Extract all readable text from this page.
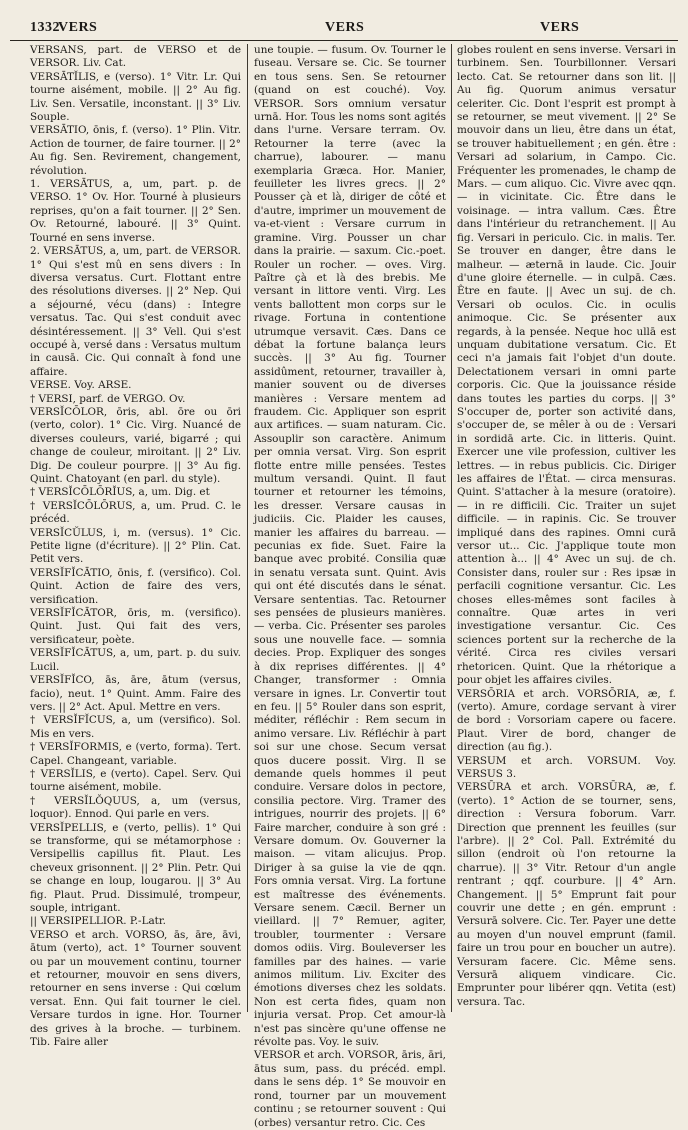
1332
VERS	VERS	VERS

VERSANS, part. de VERSO et de VERSOR. Liv. Cat.

VERSĀTĬLIS, e (verso). 1° Vitr. Lr. Qui tourne aisément, mobile. || 2° Au fig. Liv. Sen. Versatile, inconstant. || 3° Liv. Souple.

VERSĀTIO, ōnis, f. (verso). 1° Plin. Vitr. Action de tourner, de faire tourner. || 2° Au fig. Sen. Revirement, changement, révolution.

1. VERSĀTUS, a, um, part. p. de VERSO. 1° Ov. Hor. Tourné à plusieurs reprises, qu'on a fait tourner. || 2° Sen. Ov. Retourné, labouré. || 3° Quint. Tourné en sens inverse.

2. VERSĀTUS, a, um, part. de VERSOR. 1° Qui s'est mû en sens divers : In diversa versatus. Curt. Flottant entre des résolutions diverses. || 2° Nep. Qui a séjourné, vécu (dans) : Integre versatus. Tac. Qui s'est conduit avec désintéressement. || 3° Vell. Qui s'est occupé à, versé dans : Versatus multum in causā. Cic. Qui connaît à fond une affaire.

VERSE. Voy. ARSE.

† VERSI, parf. de VERGO. Ov.

VERSĬCŌLOR, ōris, abl. ōre ou ōri (verto, color). 1° Cic. Virg. Nuancé de diverses couleurs, varié, bigarré ; qui change de couleur, miroitant. || 2° Liv. Dig. De couleur pourpre. || 3° Au fig. Quint. Chatoyant (en parl. du style).

† VERSĬCŌLŌRĬUS, a, um. Dig. et

† VERSĬCŌLŌRUS, a, um. Prud. C. le précéd.

VERSĬCŬLUS, i, m. (versus). 1° Cic. Petite ligne (d'écriture). || 2° Plin. Cat. Petit vers.

VERSĬFĬCĀTIO, ōnis, f. (versifico). Col. Quint. Action de faire des vers, versification.

VERSĬFĬCĀTOR, ōris, m. (versifico). Quint. Just. Qui fait des vers, versificateur, poète.

VERSĬFĬCĀTUS, a, um, part. p. du suiv. Lucil.

VERSĬFĬCO, ās, āre, ātum (versus, facio), neut. 1° Quint. Amm. Faire des vers. || 2° Act. Apul. Mettre en vers.

† VERSĬFĬCUS, a, um (versifico). Sol. Mis en vers.

† VERSĬFORMIS, e (verto, forma). Tert. Capel. Changeant, variable.

† VERSĬLIS, e (verto). Capel. Serv. Qui tourne aisément, mobile.

† VERSĬLŎQUUS, a, um (versus, loquor). Ennod. Qui parle en vers.

VERSĬPELLIS, e (verto, pellis). 1° Qui se transforme, qui se métamorphose : Versipellis capillus fit. Plaut. Les cheveux grisonnent. || 2° Plin. Petr. Qui se change en loup, lougarou. || 3° Au fig. Plaut. Prud. Dissimulé, trompeur, souple, intrigant.

|| VERSIPELLIOR. P.-Latr.

VERSO et arch. VORSO, ās, āre, āvi, ātum (verto), act. 1° Tourner souvent ou par un mouvement continu, tourner et retourner, mouvoir en sens divers, retourner en sens inverse : Qui cœlum versat. Enn. Qui fait tourner le ciel. Versare turdos in igne. Hor. Tourner des grives à la broche. — turbinem. Tib. Faire aller

une toupie. — fusum. Ov. Tourner le fuseau. Versare se. Cic. Se tourner en tous sens. Sen. Se retourner (quand on est couché). Voy. VERSOR. Sors omnium versatur urnā. Hor. Tous les noms sont agités dans l'urne. Versare terram. Ov. Retourner la terre (avec la charrue), labourer. — manu exemplaria Græca. Hor. Manier, feuilleter les livres grecs. || 2° Pousser çà et là, diriger de côté et d'autre, imprimer un mouvement de va-et-vient : Versare currum in gramine. Virg. Pousser un char dans la prairie. — saxum. Cic.-poet. Rouler un rocher. — oves. Virg. Paître çà et là des brebis. Me versant in littore venti. Virg. Les vents ballottent mon corps sur le rivage. Fortuna in contentione utrumque versavit. Cæs. Dans ce débat la fortune balança leurs succès. || 3° Au fig. Tourner assidûment, retourner, travailler à, manier souvent ou de diverses manières : Versare mentem ad fraudem. Cic. Appliquer son esprit aux artifices. — suam naturam. Cic. Assouplir son caractère. Animum per omnia versat. Virg. Son esprit flotte entre mille pensées. Testes multum versandi. Quint. Il faut tourner et retourner les témoins, les dresser. Versare causas in judiciis. Cic. Plaider les causes, manier les affaires du barreau. — pecunias ex fide. Suet. Faire la banque avec probité. Consilia quæ in senatu versata sunt. Quint. Avis qui ont été discutés dans le sénat. Versare sententias. Tac. Retourner ses pensées de plusieurs manières. — verba. Cic. Présenter ses paroles sous une nouvelle face. — somnia decies. Prop. Expliquer des songes à dix reprises différentes. || 4° Changer, transformer : Omnia versare in ignes. Lr. Convertir tout en feu. || 5° Rouler dans son esprit, méditer, réfléchir : Rem secum in animo versare. Liv. Réfléchir à part soi sur une chose. Secum versat quos ducere possit. Virg. Il se demande quels hommes il peut conduire. Versare dolos in pectore, consilia pectore. Virg. Tramer des intrigues, nourrir des projets. || 6° Faire marcher, conduire à son gré : Versare domum. Ov. Gouverner la maison. — vitam alicujus. Prop. Diriger à sa guise la vie de qqn. Fors omnia versat. Virg. La fortune est maîtresse des événements. Versare senem. Cæcil. Berner un vieillard. || 7° Remuer, agiter, troubler, tourmenter : Versare domos odiis. Virg. Bouleverser les familles par des haines. — varie animos militum. Liv. Exciter des émotions diverses chez les soldats. Non est certa fides, quam non injuria versat. Prop. Cet amour-là n'est pas sincère qu'une offense ne révolte pas. Voy. le suiv.

VERSOR et arch. VORSOR, āris, āri, ātus sum, pass. du précéd. empl. dans le sens dép. 1° Se mouvoir en rond, tourner par un mouvement continu ; se retourner souvent : Qui (orbes) versantur retro. Cic. Ces

globes roulent en sens inverse. Versari in turbinem. Sen. Tourbillonner. Versari lecto. Cat. Se retourner dans son lit. || Au fig. Quorum animus versatur celeriter. Cic. Dont l'esprit est prompt à se retourner, se meut vivement. || 2° Se mouvoir dans un lieu, être dans un état, se trouver habituellement ; en gén. être : Versari ad solarium, in Campo. Cic. Fréquenter les promenades, le champ de Mars. — cum aliquo. Cic. Vivre avec qqn. — in vicinitate. Cic. Être dans le voisinage. — intra vallum. Cæs. Être dans l'intérieur du retranchement. || Au fig. Versari in periculo. Cic. in malis. Ter. Se trouver en danger, être dans le malheur. — æternā in laude. Cic. Jouir d'une gloire éternelle. — in culpā. Cæs. Être en faute. || Avec un suj. de ch. Versari ob oculos. Cic. in oculis animoque. Cic. Se présenter aux regards, à la pensée. Neque hoc ullā est unquam dubitatione versatum. Cic. Et ceci n'a jamais fait l'objet d'un doute. Delectationem versari in omni parte corporis. Cic. Que la jouissance réside dans toutes les parties du corps. || 3° S'occuper de, porter son activité dans, s'occuper de, se mêler à ou de : Versari in sordidā arte. Cic. in litteris. Quint. Exercer une vile profession, cultiver les lettres. — in rebus publicis. Cic. Diriger les affaires de l'État. — circa mensuras. Quint. S'attacher à la mesure (oratoire). — in re difficili. Cic. Traiter un sujet difficile. — in rapinis. Cic. Se trouver impliqué dans des rapines. Omni curā versor ut... Cic. J'applique toute mon attention à... || 4° Avec un suj. de ch. Consister dans, rouler sur : Res ipsæ in perfacili cognitione versantur. Cic. Les choses elles-mêmes sont faciles à connaître. Quæ artes in veri investigatione versantur. Cic. Ces sciences portent sur la recherche de la vérité. Circa res civiles versari rhetoricen. Quint. Que la rhétorique a pour objet les affaires civiles.

VERSŌRIA et arch. VORSŌRIA, æ, f. (verto). Amure, cordage servant à virer de bord : Vorsoriam capere ou facere. Plaut. Virer de bord, changer de direction (au fig.).

VERSUM et arch. VORSUM. Voy. VERSUS 3.

VERSŪRA et arch. VORSŪRA, æ, f. (verto). 1° Action de se tourner, sens, direction : Versura foborum. Varr. Direction que prennent les feuilles (sur l'arbre). || 2° Col. Pall. Extrémité du sillon (endroit où l'on retourne la charrue). || 3° Vitr. Retour d'un angle rentrant ; qqf. courbure. || 4° Arn. Changement. || 5° Emprunt fait pour couvrir une dette ; en gén. emprunt : Versurā solvere. Cic. Ter. Payer une dette au moyen d'un nouvel emprunt (famil. faire un trou pour en boucher un autre). Versuram facere. Cic. Même sens. Versurā aliquem vindicare. Cic. Emprunter pour libérer qqn. Vetita (est) versura. Tac.
